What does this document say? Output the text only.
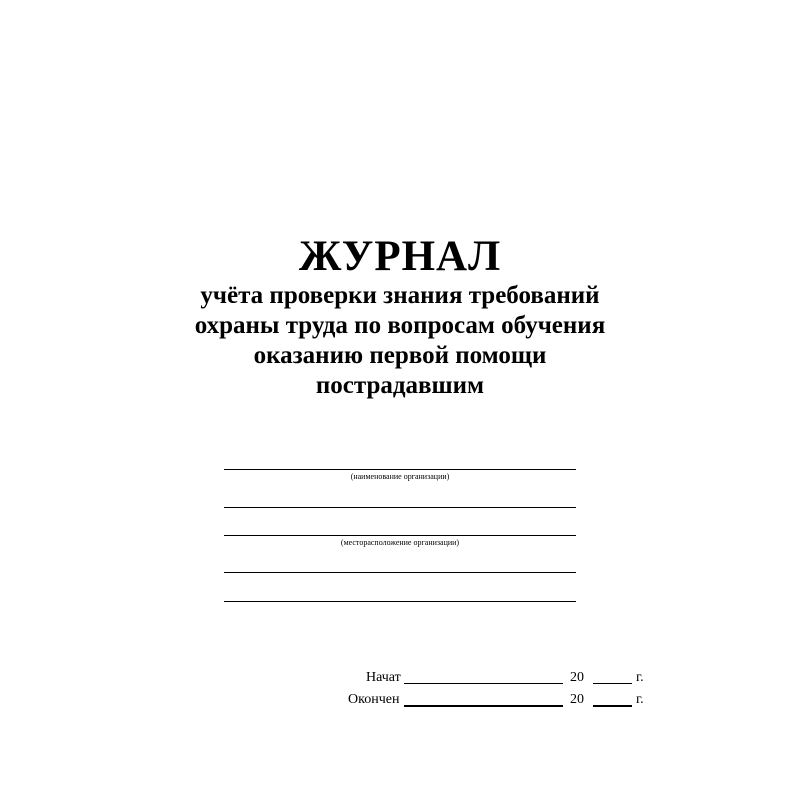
ЖУРНАЛ
учёта проверки знания требований
охраны труда по вопросам обучения
оказанию первой помощи
пострадавшим
(наименование организации)
(месторасположение организации)
Начат	20	г.
Окончен	20	г.
